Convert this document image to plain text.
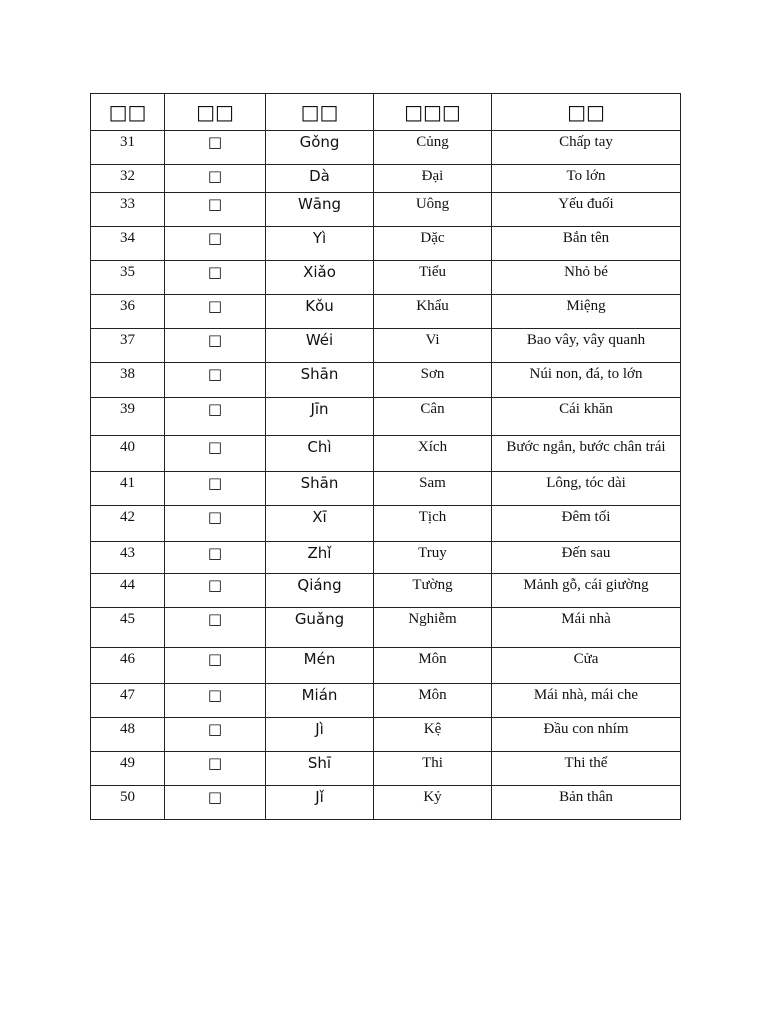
□□	□□	□□	□□□	□□
31	□	Gǒng	Củng	Chấp tay
32	□	Dà	Đại	To lớn
33	□	Wāng	Uông	Yếu đuối
34	□	Yì	Dặc	Bắn tên
35	□	Xiǎo	Tiểu	Nhỏ bé
36	□	Kǒu	Khẩu	Miệng
37	□	Wéi	Vi	Bao vây, vây quanh
38	□	Shān	Sơn	Núi non, đá, to lớn
39	□	Jīn	Cân	Cái khăn
40	□	Chì	Xích	Bước ngắn, bước chân trái
41	□	Shān	Sam	Lông, tóc dài
42	□	Xī	Tịch	Đêm tối
43	□	Zhǐ	Truy	Đến sau
44	□	Qiáng	Tường	Mảnh gỗ, cái giường
45	□	Guǎng	Nghiễm	Mái nhà
46	□	Mén	Môn	Cửa
47	□	Mián	Môn	Mái nhà, mái che
48	□	Jì	Kệ	Đầu con nhím
49	□	Shī	Thi	Thi thể
50	□	Jǐ	Kỷ	Bản thân
